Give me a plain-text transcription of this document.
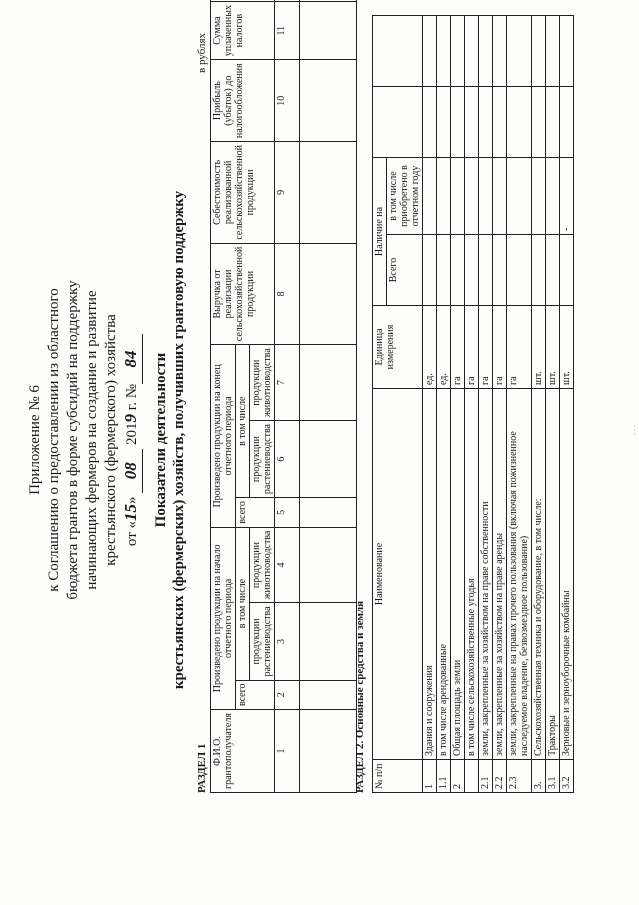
Приложение № 6 к Соглашению о предоставлении из областного бюджета грантов в форме субсидий на поддержку начинающих фермеров на создание и развитие крестьянского (фермерского) хозяйства от «15»  08  2019 г. №84 Показатели деятельности крестьянских (фермерских) хозяйств, получивших грантовую поддержку
в рублях
РАЗДЕЛ 1 Ф.И.О. грантополучателя	Произведено продукции на начало отчетного периода			Произведено продукции на конец отчетного периода			Выручка от реализации сельскохозяйственной продукции	Себестоимость реализованной сельскохозяйственной продукции	Прибыль (убыток) до налогообложения	Сумма уплаченных налогов		
	всего	в том числе		всего	в том числе							
		продукции растениеводства	продукции животноводства		продукции растениеводства	продукции животноводства						
1	2	3	4	5	6	7	8	9	10	11		

РАЗДЕЛ 2. Основные средства и земля № п/п	Наименование	Единица измерения	Наличие на			
			Всего	в том числе приобретено в отчетном году		
1	Здания и сооружения	ед.				
1.1	в том числе арендованные	ед.				
2	Общая площадь земли	га				
	в том числе сельскохозяйственные угодья	га				
2.1	земли, закрепленные за хозяйством на праве собственности	га				
2.2	земли, закрепленные за хозяйством на праве аренды	га				
2.3	земли, закрепленные на правах прочего пользования (включая пожизненное наследуемое владение, безвозмездное пользование)	га				
3.	Сельскохозяйственная техника и оборудование, в том числе:	шт.				
3.1	Тракторы	шт.				
3.2	Зерновые и зерноуборочные комбайны	шт.		-		
. . .
